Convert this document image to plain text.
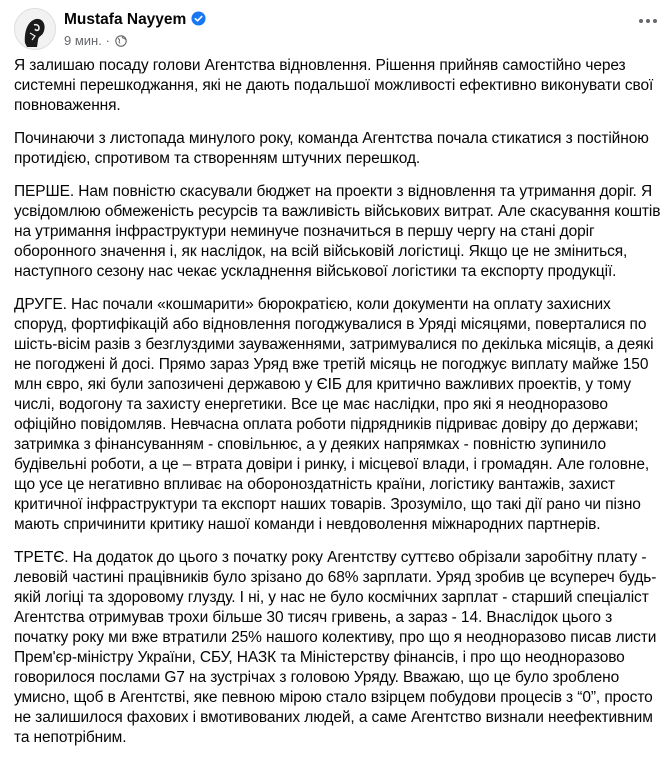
Mustafa Nayyem
9 мин. ·

Я залишаю посаду голови Агентства відновлення. Рішення прийняв самостійно через системні перешкоджання, які не дають подальшої можливості ефективно виконувати свої повноваження.

Починаючи з листопада минулого року, команда Агентства почала стикатися з постійною протидією, спротивом та створенням штучних перешкод.

ПЕРШЕ. Нам повністю скасували бюджет на проекти з відновлення та утримання доріг. Я усвідомлюю обмеженість ресурсів та важливість військових витрат. Але скасування коштів на утримання інфраструктури неминуче позначиться в першу чергу на стані доріг оборонного значення і, як наслідок, на всій військовій логістиці. Якщо це не зміниться, наступного сезону нас чекає ускладнення військової логістики та експорту продукції.

ДРУГЕ. Нас почали «кошмарити» бюрократією, коли документи на оплату захисних споруд, фортифікацій або відновлення погоджувалися в Уряді місяцями, поверталися по шість-вісім разів з безглуздими зауваженнями, затримувалися по декілька місяців, а деякі не погоджені й досі. Прямо зараз Уряд вже третій місяць не погоджує виплату майже 150 млн євро, які були запозичені державою у ЄІБ для критично важливих проектів, у тому числі, водогону та захисту енергетики. Все це має наслідки, про які я неодноразово офіційно повідомляв. Невчасна оплата роботи підрядників підриває довіру до держави; затримка з фінансуванням - сповільнює, а у деяких напрямках - повністю зупинило будівельні роботи, а це – втрата довіри і ринку, і місцевої влади, і громадян. Але головне, що усе це негативно впливає на обороноздатність країни, логістику вантажів, захист критичної інфраструктури та експорт наших товарів. Зрозуміло, що такі дії рано чи пізно мають спричинити критику нашої команди і невдоволення міжнародних партнерів.

ТРЕТЄ. На додаток до цього з початку року Агентству суттєво обрізали заробітну плату - левовій частині працівників було зрізано до 68% зарплати. Уряд зробив це всупереч будь-якій логіці та здоровому глузду. І ні, у нас не було космічних зарплат - старший спеціаліст Агентства отримував трохи більше 30 тисяч гривень, а зараз - 14. Внаслідок цього з початку року ми вже втратили 25% нашого колективу, про що я неодноразово писав листи Прем'єр-міністру України, СБУ, НАЗК та Міністерству фінансів, і про що неодноразово говорилося послами G7 на зустрічах з головою Уряду. Вважаю, що це було зроблено умисно, щоб в Агентстві, яке певною мірою стало взірцем побудови процесів з “0”, просто не залишилося фахових і вмотивованих людей, а саме Агентство визнали неефективним та непотрібним.
